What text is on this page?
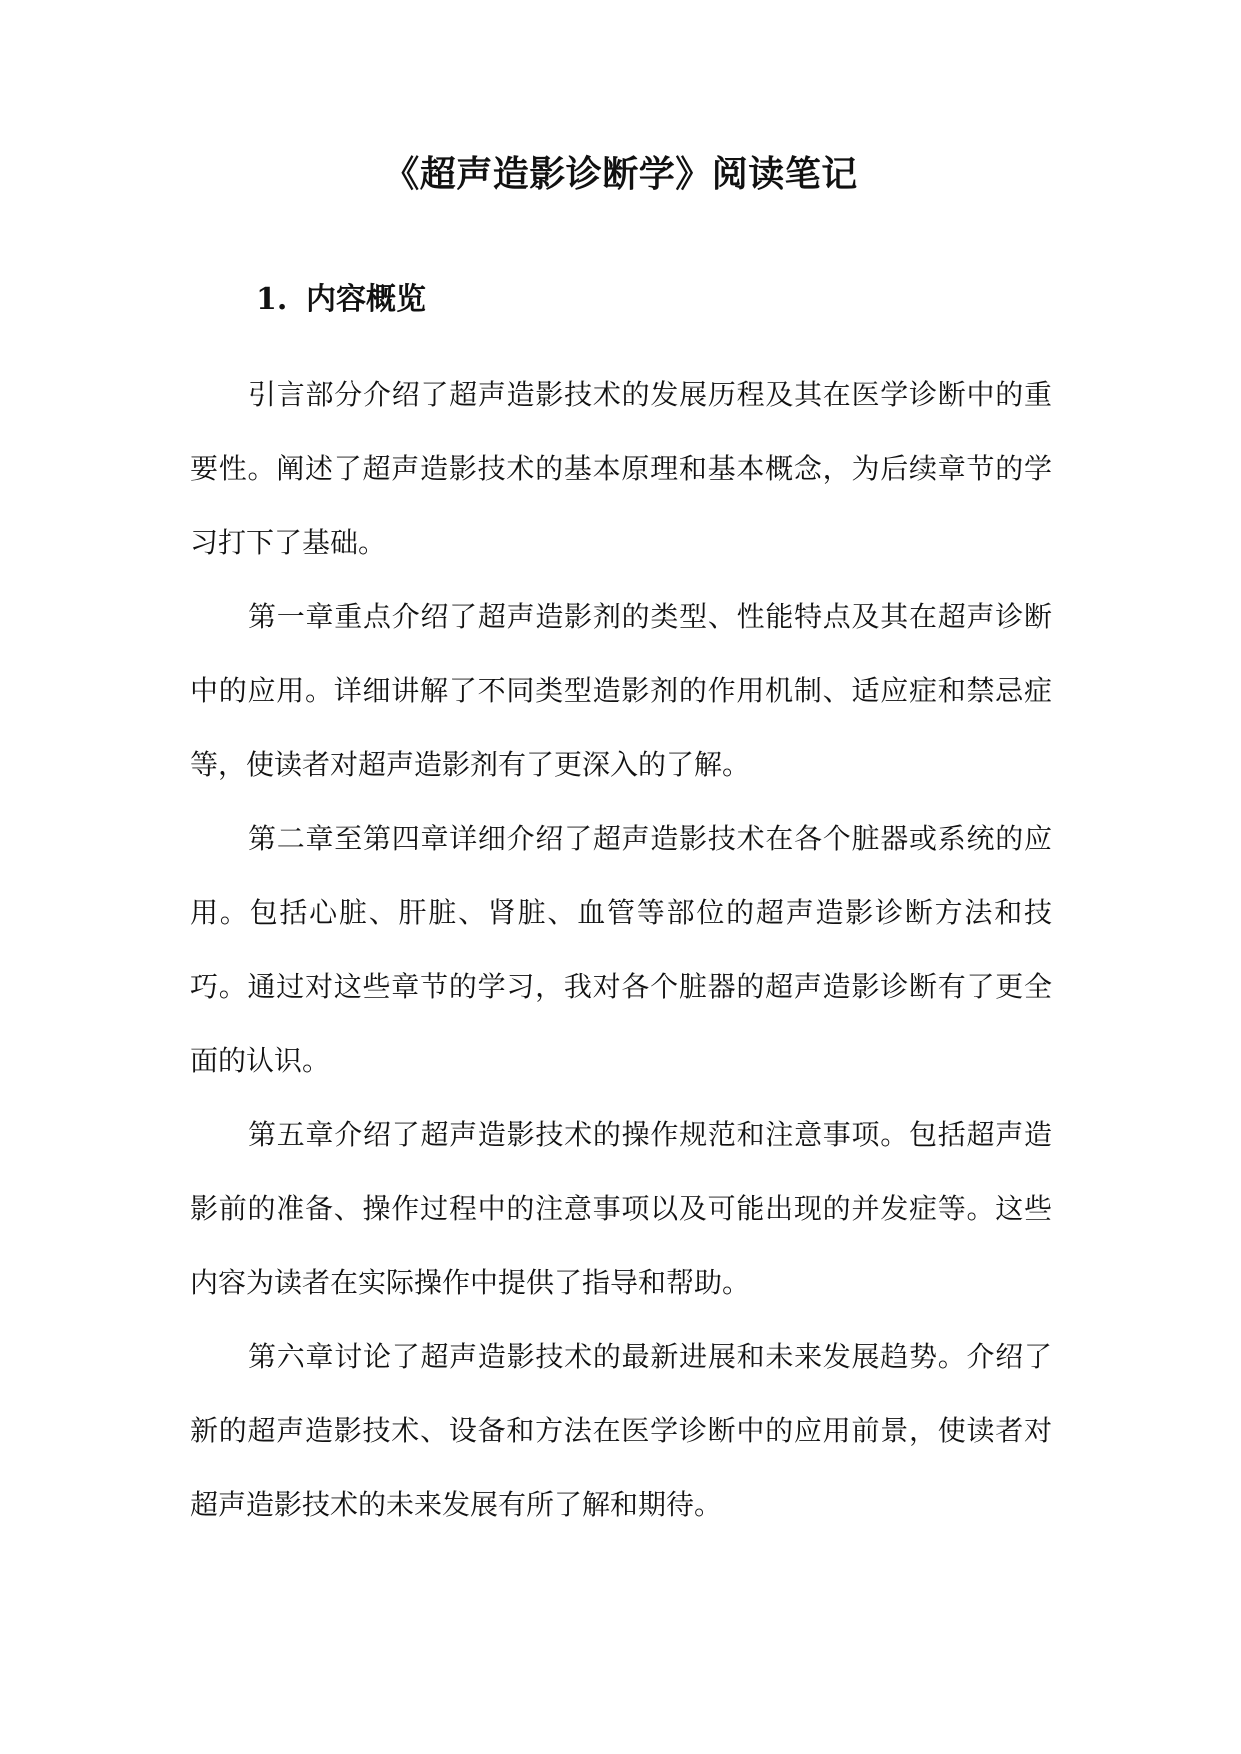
《超声造影诊断学》阅读笔记
1. 内容概览

引言部分介绍了超声造影技术的发展历程及其在医学诊断中的重要性。阐述了超声造影技术的基本原理和基本概念，为后续章节的学习打下了基础。

第一章重点介绍了超声造影剂的类型、性能特点及其在超声诊断中的应用。详细讲解了不同类型造影剂的作用机制、适应症和禁忌症等，使读者对超声造影剂有了更深入的了解。

第二章至第四章详细介绍了超声造影技术在各个脏器或系统的应用。包括心脏、肝脏、肾脏、血管等部位的超声造影诊断方法和技巧。通过对这些章节的学习，我对各个脏器的超声造影诊断有了更全面的认识。

第五章介绍了超声造影技术的操作规范和注意事项。包括超声造影前的准备、操作过程中的注意事项以及可能出现的并发症等。这些内容为读者在实际操作中提供了指导和帮助。

第六章讨论了超声造影技术的最新进展和未来发展趋势。介绍了新的超声造影技术、设备和方法在医学诊断中的应用前景，使读者对超声造影技术的未来发展有所了解和期待。
